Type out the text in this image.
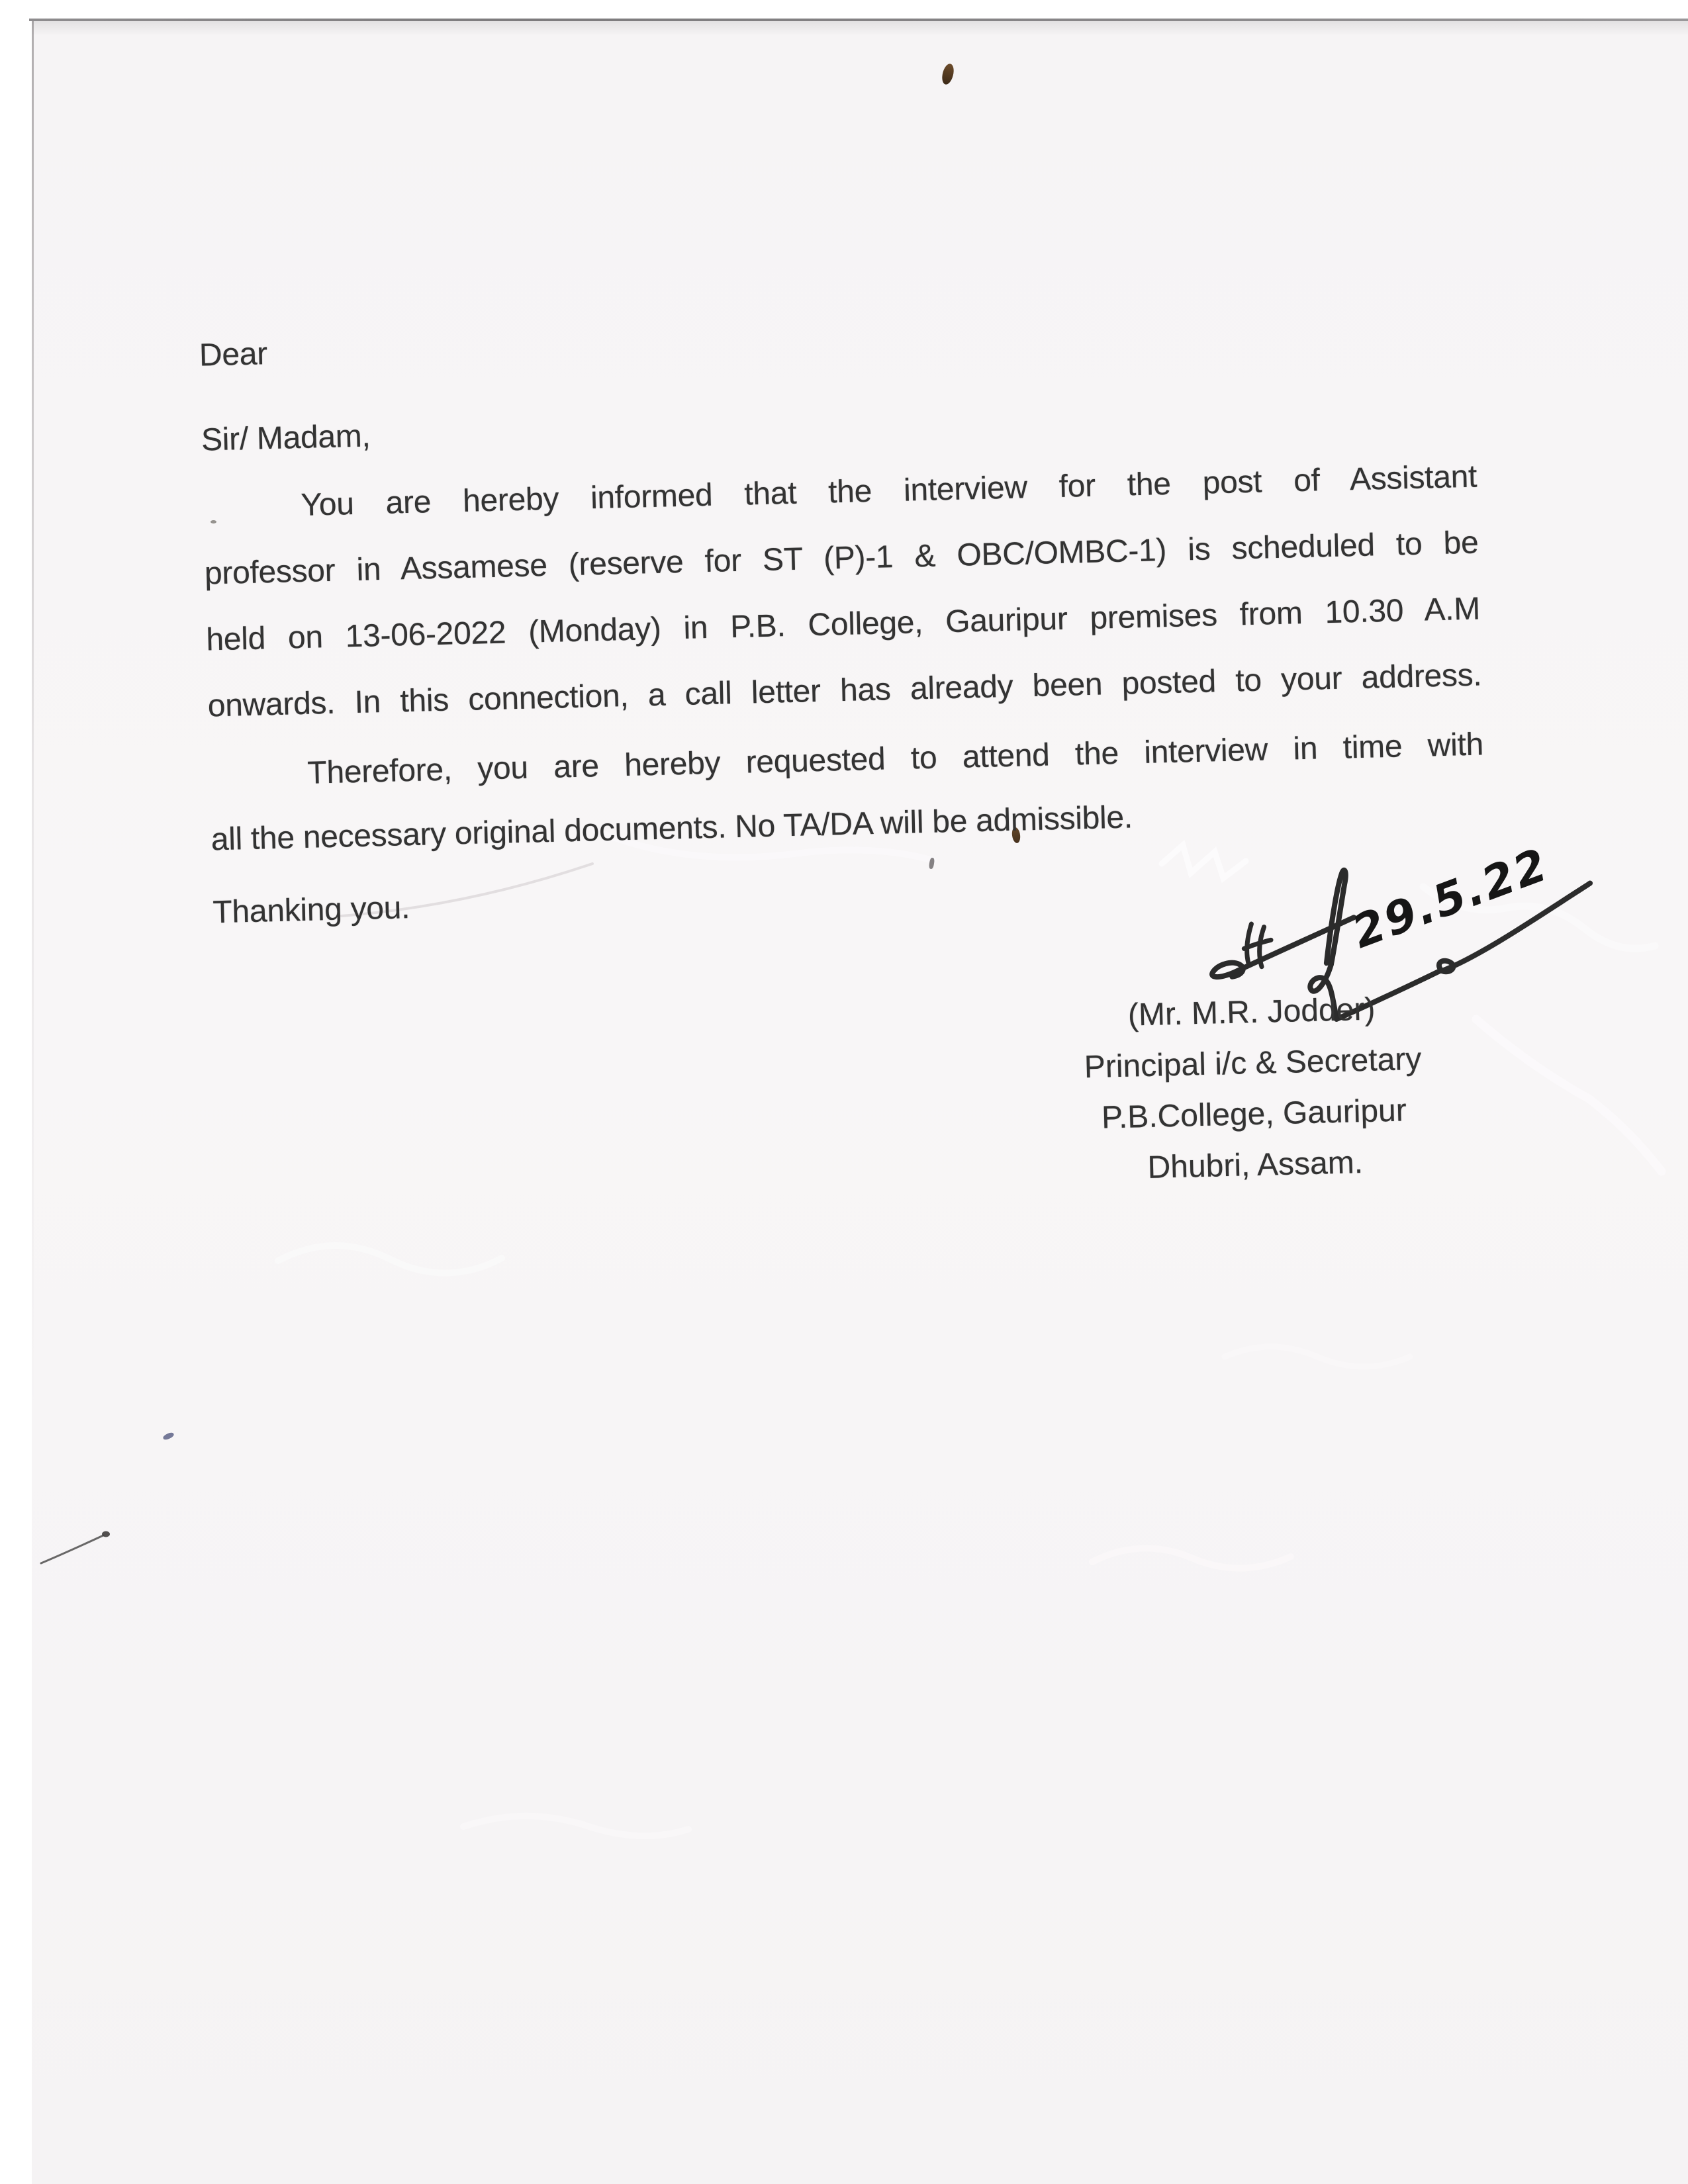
Dear
Sir/ Madam,
You are hereby informed that the interview for the post of Assistant
professor in Assamese (reserve for ST (P)-1 & OBC/OMBC-1) is scheduled to be
held on 13-06-2022 (Monday) in P.B. College, Gauripur premises from 10.30 A.M
onwards. In this connection, a call letter has already been posted to your address.
Therefore, you are hereby requested to attend the interview in time with
all the necessary original documents. No TA/DA will be admissible.
Thanking you.	29.5.22
(Mr. M.R. Jodder)
Principal i/c & Secretary
P.B.College, Gauripur
Dhubri, Assam.
